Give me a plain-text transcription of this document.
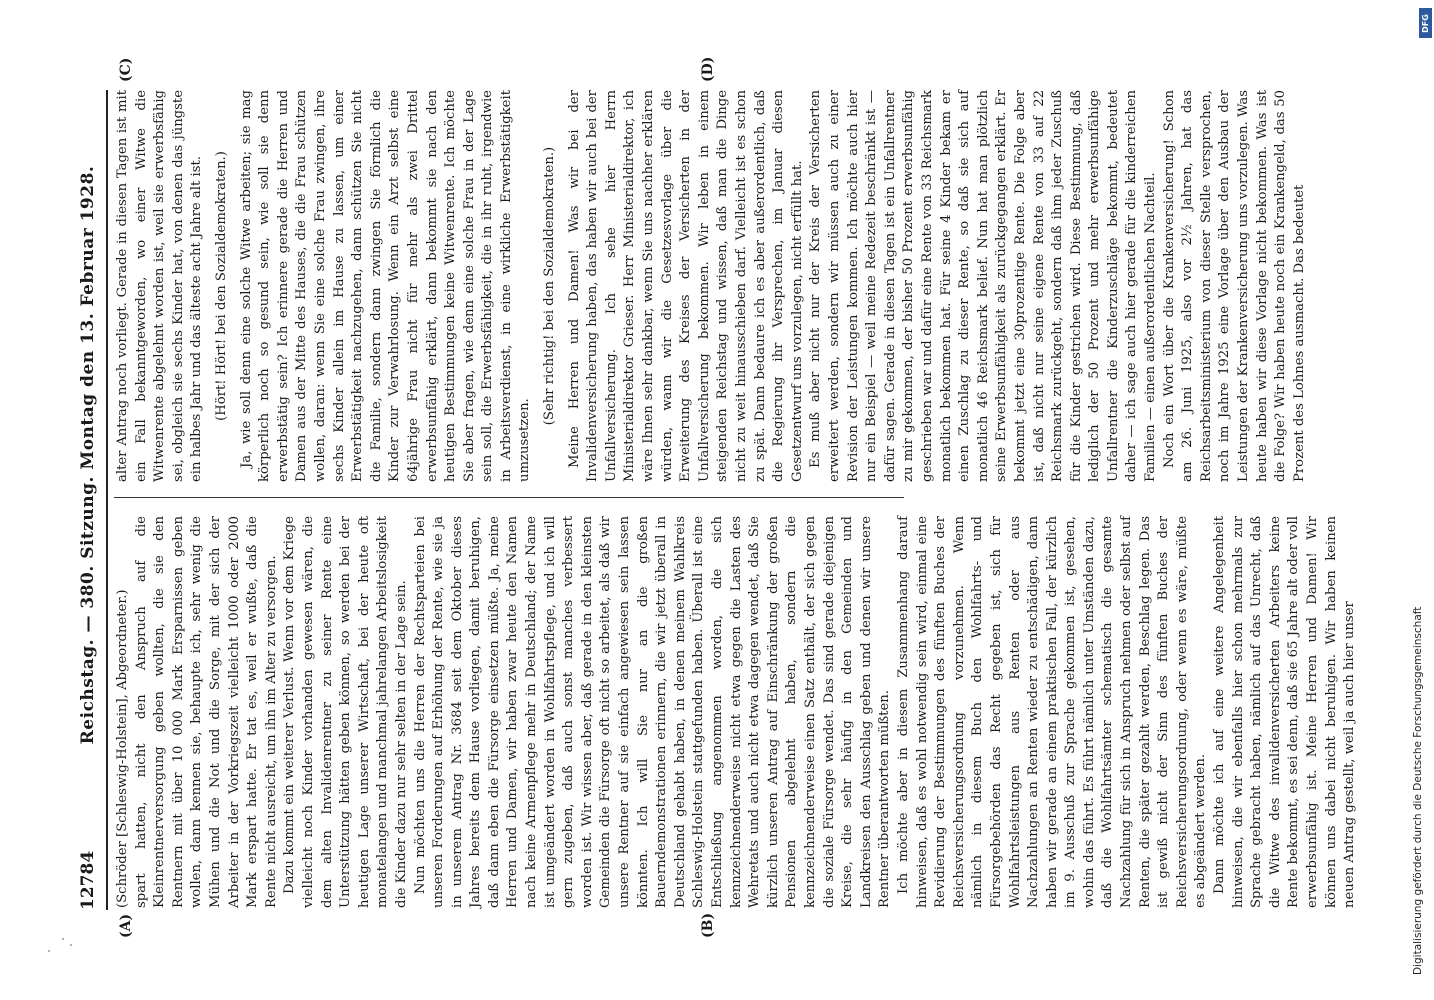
12784
Reichstag. — 380. Sitzung. Montag den 13. Februar 1928.

(Schröder [Schleswig-Holstein], Abgeordneter.) spart hatten, nicht den Anspruch auf die Kleinrentnerversorgung geben wollten, die sie den Rentnern mit über 10 000 Mark Ersparnissen geben wollen, dann kennen sie, behaupte ich, sehr wenig die Mühen und die Not und die Sorge, mit der sich der Arbeiter in der Vorkriegszeit vielleicht 1000 oder 2000 Mark erspart hatte. Er tat es, weil er wußte, daß die Rente nicht ausreicht, um ihn im Alter zu versorgen. Dazu kommt ein weiterer Verlust. Wenn vor dem Kriege vielleicht noch Kinder vorhanden gewesen wären, die dem alten Invalidenrentner zu seiner Rente eine Unterstützung hätten geben können, so werden bei der heutigen Lage unserer Wirtschaft, bei der heute oft monatelangen und manchmal jahrelangen Arbeitslosigkeit die Kinder dazu nur sehr selten in der Lage sein. Nun möchten uns die Herren der Rechtsparteien bei unseren Forderungen auf Erhöhung der Rente, wie sie ja in unserem Antrag Nr. 3684 seit dem Oktober dieses Jahres bereits dem Hause vorliegen, damit beruhigen, daß dann eben die Fürsorge einsetzen müßte. Ja, meine Herren und Damen, wir haben zwar heute den Namen nach keine Armenpflege mehr in Deutschland; der Name ist umgeändert worden in Wohlfahrtspflege, und ich will gern zugeben, daß auch sonst manches verbessert worden ist. Wir wissen aber, daß gerade in den kleinsten Gemeinden die Fürsorge oft nicht so arbeitet, als daß wir unsere Rentner auf sie einfach angewiesen sein lassen könnten. Ich will Sie nur an die großen Bauerndemonstrationen erinnern, die wir jetzt überall in Deutschland gehabt haben, in denen meinem Wahlkreis Schleswig-Holstein stattgefunden haben. Überall ist eine Entschließung angenommen worden, die sich kennzeichnenderweise nicht etwa gegen die Lasten des Wehretats und auch nicht etwa dagegen wendet, daß Sie kürzlich unseren Antrag auf Einschränkung der großen Pensionen abgelehnt haben, sondern die kennzeichnenderweise einen Satz enthält, der sich gegen die soziale Fürsorge wendet. Das sind gerade diejenigen Kreise, die sehr häufig in den Gemeinden und Landkreisen den Ausschlag geben und denen wir unsere Rentner überantworten müßten. Ich möchte aber in diesem Zusammenhang darauf hinweisen, daß es wohl notwendig sein wird, einmal eine Revidierung der Bestimmungen des fünften Buches der Reichsversicherungsordnung vorzunehmen. Wenn nämlich in diesem Buch den Wohlfahrts- und Fürsorgebehörden das Recht gegeben ist, sich für Wohlfahrtsleistungen aus Renten oder aus Nachzahlungen an Renten wieder zu entschädigen, dann haben wir gerade an einem praktischen Fall, der kürzlich im 9. Ausschuß zur Sprache gekommen ist, gesehen, wohin das führt. Es führt nämlich unter Umständen dazu, daß die Wohlfahrtsämter schematisch die gesamte Nachzahlung für sich in Anspruch nehmen oder selbst auf Renten, die später gezahlt werden, Beschlag legen. Das ist gewiß nicht der Sinn des fünften Buches der Reichsversicherungsordnung, oder wenn es wäre, müßte es abgeändert werden. Dann möchte ich auf eine weitere Angelegenheit hinweisen, die wir ebenfalls hier schon mehrmals zur Sprache gebracht haben, nämlich auf das Unrecht, daß die Witwe des invalidenversicherten Arbeiters keine Rente bekommt, es sei denn, daß sie 65 Jahre alt oder voll erwerbsunfähig ist. Meine Herren und Damen! Wir können uns dabei nicht beruhigen. Wir haben keinen neuen Antrag gestellt, weil ja auch hier unser

alter Antrag noch vorliegt. Gerade in diesen Tagen ist mit ein Fall bekanntgeworden, wo einer Witwe die Witwenrente abgelehnt worden ist, weil sie erwerbsfähig sei, obgleich sie sechs Kinder hat, von denen das jüngste ein halbes Jahr und das älteste acht Jahre alt ist. (Hört! Hört! bei den Sozialdemokraten.) Ja, wie soll denn eine solche Witwe arbeiten; sie mag körperlich noch so gesund sein, wie soll sie denn erwerbstätig sein? Ich erinnere gerade die Herren und Damen aus der Mitte des Hauses, die die Frau schützen wollen, daran: wenn Sie eine solche Frau zwingen, ihre sechs Kinder allein im Hause zu lassen, um einer Erwerbstätigkeit nachzugehen, dann schützen Sie nicht die Familie, sondern dann zwingen Sie förmlich die Kinder zur Verwahrlosung. Wenn ein Arzt selbst eine 64jährige Frau nicht für mehr als zwei Drittel erwerbsunfähig erklärt, dann bekommt sie nach den heutigen Bestimmungen keine Witwenrente. Ich möchte Sie aber fragen, wie denn eine solche Frau in der Lage sein soll, die Erwerbsfähigkeit, die in ihr ruht, irgendwie in Arbeitsverdienst, in eine wirkliche Erwerbstätigkeit umzusetzen.

(Sehr richtig! bei den Sozialdemokraten.) Meine Herren und Damen! Was wir bei der Invalidenversicherung haben, das haben wir auch bei der Unfallversicherung. Ich sehe hier Herrn Ministerialdirektor Grieser. Herr Ministerialdirektor, ich wäre Ihnen sehr dankbar, wenn Sie uns nachher erklären würden, wann wir die Gesetzesvorlage über die Erweiterung des Kreises der Versicherten in der Unfallversicherung bekommen. Wir leben in einem steigenden Reichstag und wissen, daß man die Dinge nicht zu weit hinausschieben darf. Vielleicht ist es schon zu spät. Dann bedaure ich es aber außerordentlich, daß die Regierung ihr Versprechen, im Januar diesen Gesetzentwurf uns vorzulegen, nicht erfüllt hat. Es muß aber nicht nur der Kreis der Versicherten erweitert werden, sondern wir müssen auch zu einer Revision der Leistungen kommen. Ich möchte auch hier nur ein Beispiel — weil meine Redezeit beschränkt ist — dafür sagen. Gerade in diesen Tagen ist ein Unfallrentner zu mir gekommen, der bisher 50 Prozent erwerbsunfähig geschrieben war und dafür eine Rente von 33 Reichsmark monatlich bekommen hat. Für seine 4 Kinder bekam er einen Zuschlag zu dieser Rente, so daß sie sich auf monatlich 46 Reichsmark belief. Nun hat man plötzlich seine Erwerbsunfähigkeit als zurückgegangen erklärt. Er bekommt jetzt eine 30prozentige Rente. Die Folge aber ist, daß nicht nur seine eigene Rente von 33 auf 22 Reichsmark zurückgeht, sondern daß ihm jeder Zuschuß für die Kinder gestrichen wird. Diese Bestimmung, daß lediglich der 50 Prozent und mehr erwerbsunfähige Unfallrentner die Kinderzuschläge bekommt, bedeutet daher — ich sage auch hier gerade für die kinderreichen Familien — einen außerordentlichen Nachteil. Noch ein Wort über die Krankenversicherung! Schon am 26. Juni 1925, also vor 2½ Jahren, hat das Reichsarbeitsministerium von dieser Stelle versprochen, noch im Jahre 1925 eine Vorlage über den Ausbau der Leistungen der Krankenversicherung uns vorzulegen. Was heute haben wir diese Vorlage nicht bekommen. Was ist die Folge? Wir haben heute noch ein Krankengeld, das 50 Prozent des Lohnes ausmacht. Das bedeutet

(A)	(B)
(C)	(D)
DFG
Digitalisierung gefördert durch die Deutsche Forschungsgemeinschaft
